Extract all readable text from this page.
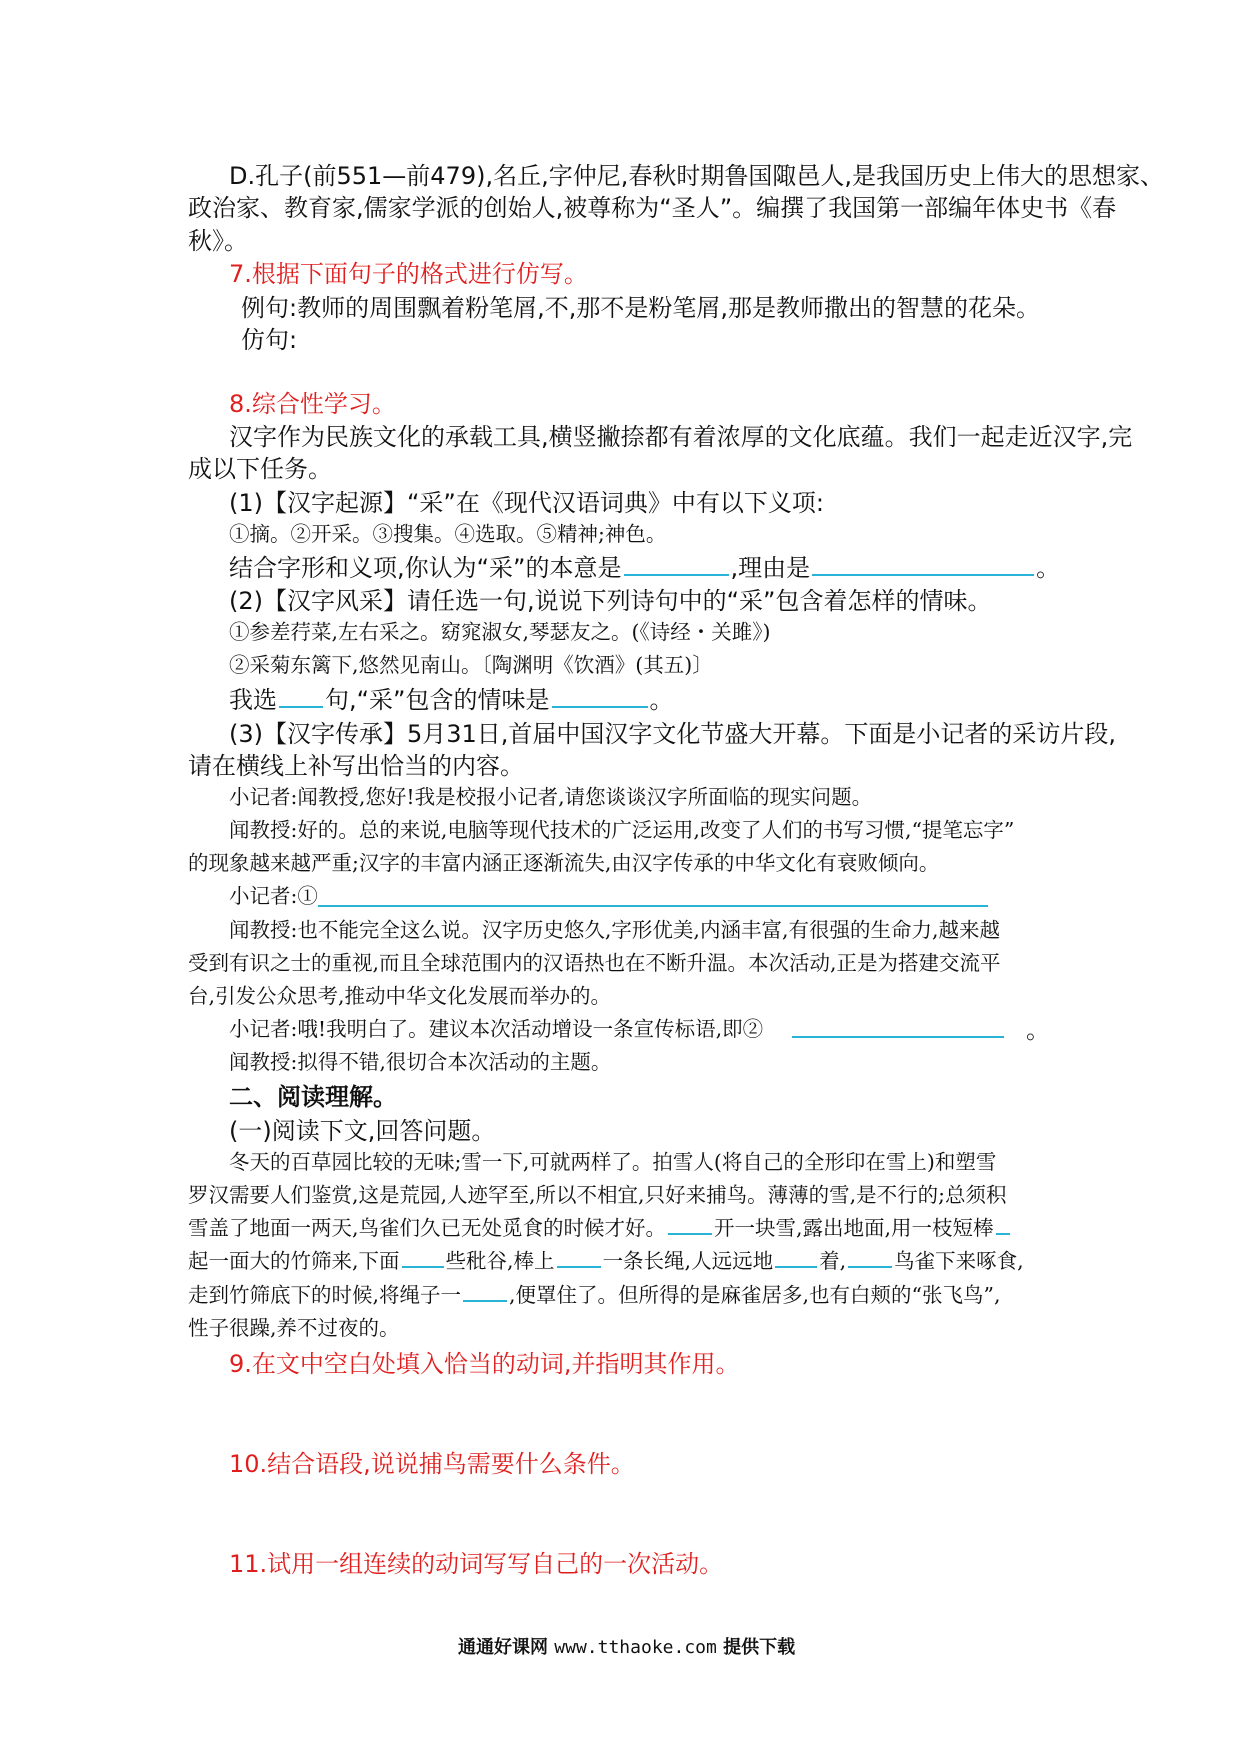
D.孔子(前551—前479),名丘,字仲尼,春秋时期鲁国陬邑人,是我国历史上伟大的思想家、
政治家、教育家,儒家学派的创始人,被尊称为“圣人”。编撰了我国第一部编年体史书《春
秋》。
7.根据下面句子的格式进行仿写。
例句:教师的周围飘着粉笔屑,不,那不是粉笔屑,那是教师撒出的智慧的花朵。
仿句:
8.综合性学习。
汉字作为民族文化的承载工具,横竖撇捺都有着浓厚的文化底蕴。我们一起走近汉字,完
成以下任务。
(1)【汉字起源】“采”在《现代汉语词典》中有以下义项:
①摘。②开采。③搜集。④选取。⑤精神;神色。
结合字形和义项,你认为“采”的本意是	,理由是	。
(2)【汉字风采】请任选一句,说说下列诗句中的“采”包含着怎样的情味。
①参差荇菜,左右采之。窈窕淑女,琴瑟友之。(《诗经・关雎》)
②采菊东篱下,悠然见南山。〔陶渊明《饮酒》(其五)〕
我选 句,“采”包含的情味是	。
(3)【汉字传承】5月31日,首届中国汉字文化节盛大开幕。下面是小记者的采访片段,
请在横线上补写出恰当的内容。
小记者:闻教授,您好!我是校报小记者,请您谈谈汉字所面临的现实问题。
闻教授:好的。总的来说,电脑等现代技术的广泛运用,改变了人们的书写习惯,“提笔忘字”
的现象越来越严重;汉字的丰富内涵正逐渐流失,由汉字传承的中华文化有衰败倾向。
小记者:①
闻教授:也不能完全这么说。汉字历史悠久,字形优美,内涵丰富,有很强的生命力,越来越
受到有识之士的重视,而且全球范围内的汉语热也在不断升温。本次活动,正是为搭建交流平
台,引发公众思考,推动中华文化发展而举办的。
小记者:哦!我明白了。建议本次活动增设一条宣传标语,即②	。
闻教授:拟得不错,很切合本次活动的主题。
二、阅读理解。
(一)阅读下文,回答问题。
冬天的百草园比较的无味;雪一下,可就两样了。拍雪人(将自己的全形印在雪上)和塑雪
罗汉需要人们鉴赏,这是荒园,人迹罕至,所以不相宜,只好来捕鸟。薄薄的雪,是不行的;总须积
雪盖了地面一两天,鸟雀们久已无处觅食的时候才好。 开一块雪,露出地面,用一枝短棒
起一面大的竹筛来,下面 些秕谷,棒上 一条长绳,人远远地 着, 鸟雀下来啄食,
走到竹筛底下的时候,将绳子一 ,便罩住了。但所得的是麻雀居多,也有白颊的“张飞鸟”,
性子很躁,养不过夜的。
9.在文中空白处填入恰当的动词,并指明其作用。
10.结合语段,说说捕鸟需要什么条件。
11.试用一组连续的动词写写自己的一次活动。
通通好课网 www.tthaoke.com 提供下载
